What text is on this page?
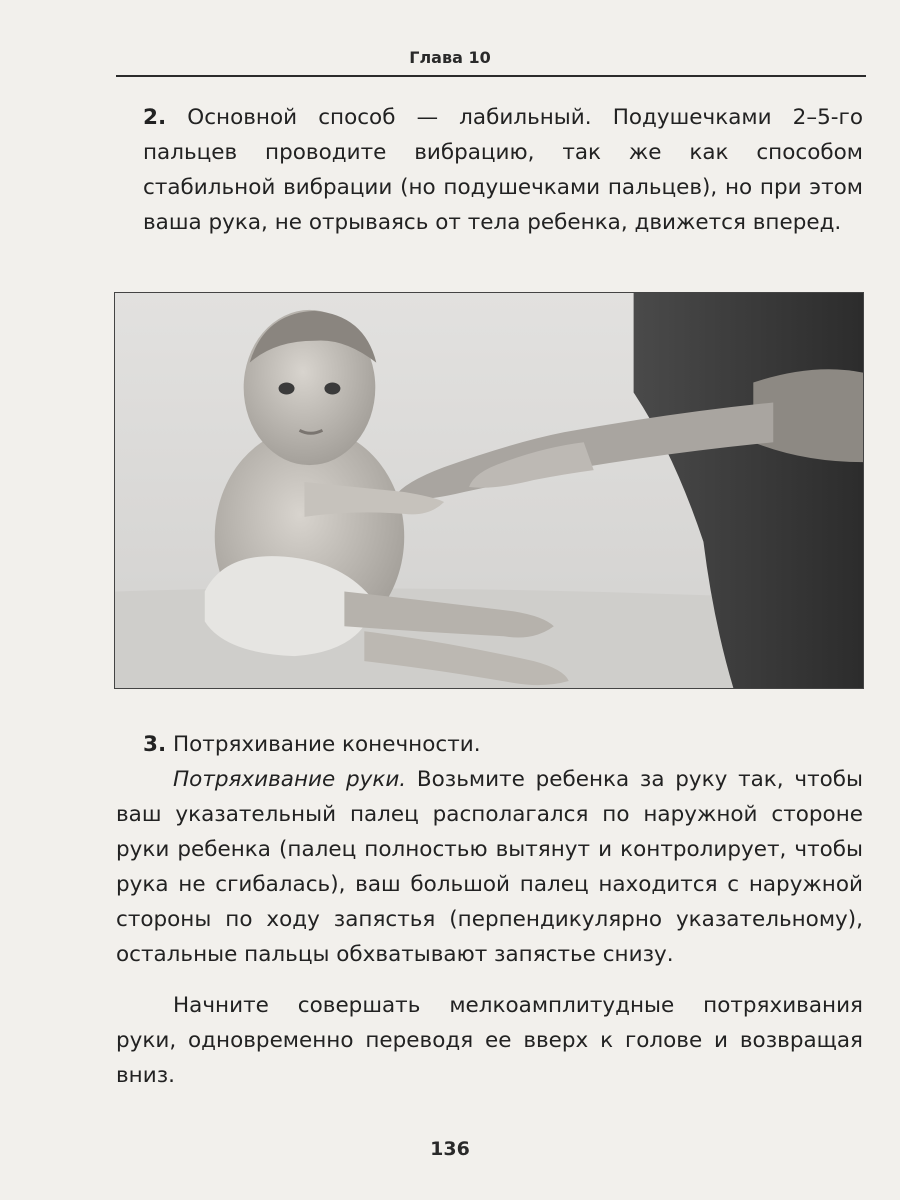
Глава 10
2. Основной способ — лабильный. Подушечками 2–5-го пальцев проводите вибрацию, так же как способом стабильной вибрации (но подушечками пальцев), но при этом ваша рука, не отрываясь от тела ребенка, движется вперед.
3. Потряхивание конечности.
Потряхивание руки. Возьмите ребенка за руку так, чтобы ваш указательный палец располагался по наружной стороне руки ребенка (палец полностью вытянут и контролирует, чтобы рука не сгибалась), ваш большой палец находится с наружной стороны по ходу запястья (перпендикулярно указательному), остальные пальцы обхватывают запястье снизу.
Начните совершать мелкоамплитудные потряхивания руки, одновременно переводя ее вверх к голове и возвращая вниз.
136
